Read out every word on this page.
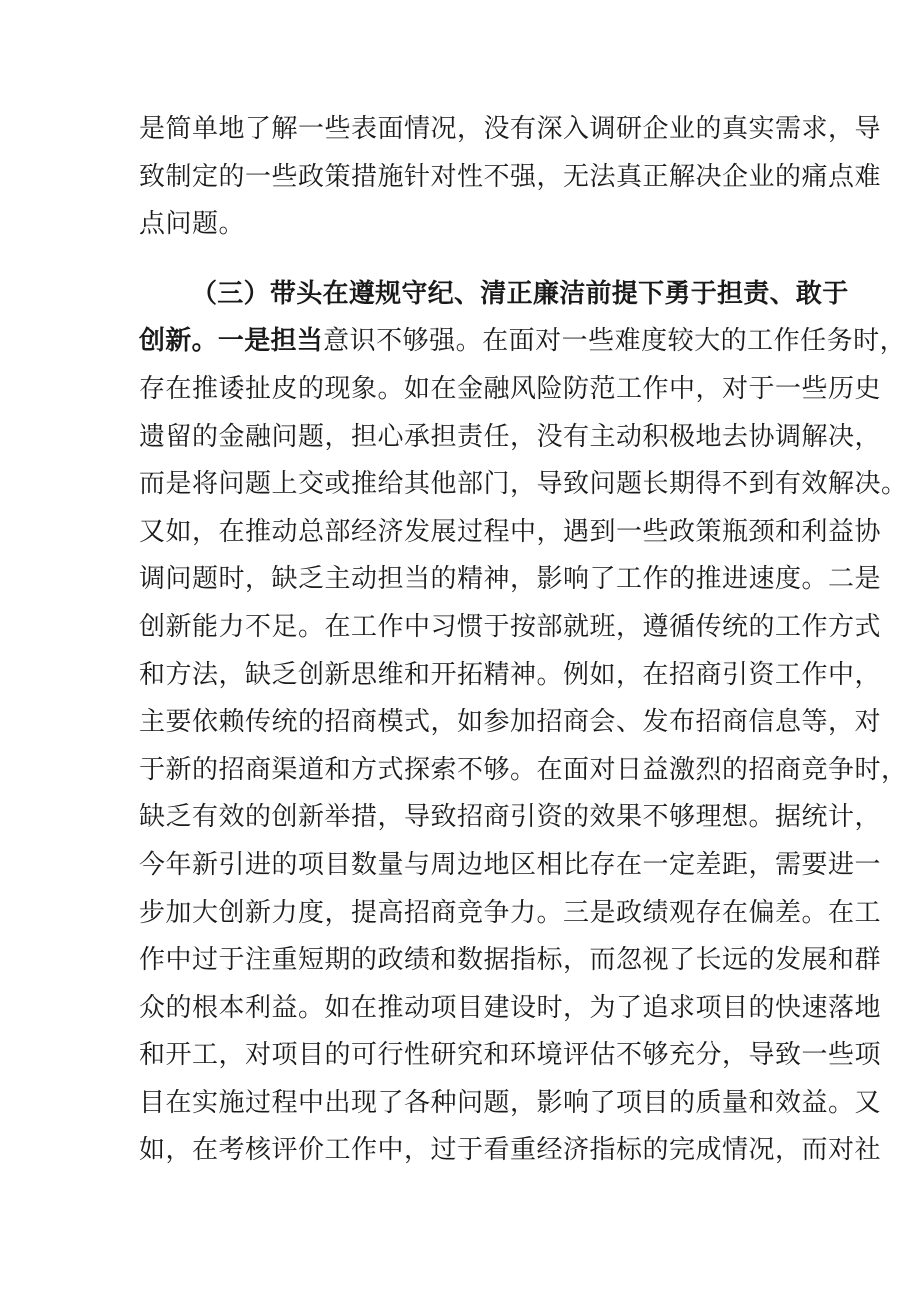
是简单地了解一些表面情况，没有深入调研企业的真实需求，导
致制定的一些政策措施针对性不强，无法真正解决企业的痛点难
点问题。
（三）带头在遵规守纪、清正廉洁前提下勇于担责、敢于
创新。一是担当意识不够强。在面对一些难度较大的工作任务时，
存在推诿扯皮的现象。如在金融风险防范工作中，对于一些历史
遗留的金融问题，担心承担责任，没有主动积极地去协调解决，
而是将问题上交或推给其他部门，导致问题长期得不到有效解决。
又如，在推动总部经济发展过程中，遇到一些政策瓶颈和利益协
调问题时，缺乏主动担当的精神，影响了工作的推进速度。二是
创新能力不足。在工作中习惯于按部就班，遵循传统的工作方式
和方法，缺乏创新思维和开拓精神。例如，在招商引资工作中，
主要依赖传统的招商模式，如参加招商会、发布招商信息等，对
于新的招商渠道和方式探索不够。在面对日益激烈的招商竞争时，
缺乏有效的创新举措，导致招商引资的效果不够理想。据统计，
今年新引进的项目数量与周边地区相比存在一定差距，需要进一
步加大创新力度，提高招商竞争力。三是政绩观存在偏差。在工
作中过于注重短期的政绩和数据指标，而忽视了长远的发展和群
众的根本利益。如在推动项目建设时，为了追求项目的快速落地
和开工，对项目的可行性研究和环境评估不够充分，导致一些项
目在实施过程中出现了各种问题，影响了项目的质量和效益。又
如，在考核评价工作中，过于看重经济指标的完成情况，而对社
